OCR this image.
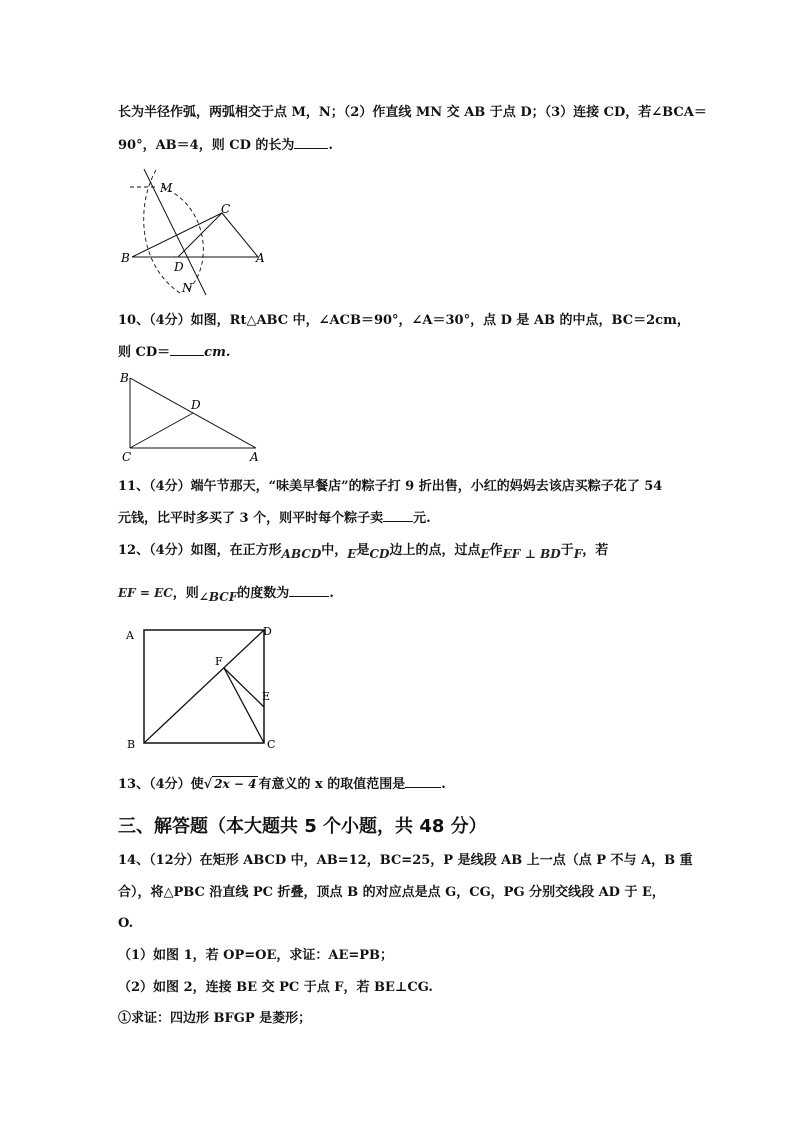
长为半径作弧，两弧相交于点 M，N；（2）作直线 MN 交 AB 于点 D；（3）连接 CD，若∠BCA＝
90°，AB＝4，则 CD 的长为	.
M
C
B
D
A
N
10、（4分）如图，Rt△ABC 中，∠ACB＝90°，∠A＝30°，点 D 是 AB 的中点，BC＝2cm，
则 CD＝	cm.
B
D
C	A
11、（4分）端午节那天，“味美早餐店”的粽子打 9 折出售，小红的妈妈去该店买粽子花了 54
元钱，比平时多买了 3 个，则平时每个粽子卖 元.
12、（4分）如图，在正方形ABCD中，E是CD边上的点，过点E作EF ⊥ BD于F，若
EF = EC，则∠BCF的度数为	.
A	D
F
E
B	C
13、（4分）使√ 2x − 4 有意义的 x 的取值范围是	.
三、解答题（本大题共 5 个小题，共 48 分）
14、（12分）在矩形 ABCD 中，AB=12，BC=25，P 是线段 AB 上一点（点 P 不与 A，B 重
合），将△PBC 沿直线 PC 折叠，顶点 B 的对应点是点 G，CG，PG 分别交线段 AD 于 E，
O.
（1）如图 1，若 OP=OE，求证：AE=PB；
（2）如图 2，连接 BE 交 PC 于点 F，若 BE⊥CG.
①求证：四边形 BFGP 是菱形；
